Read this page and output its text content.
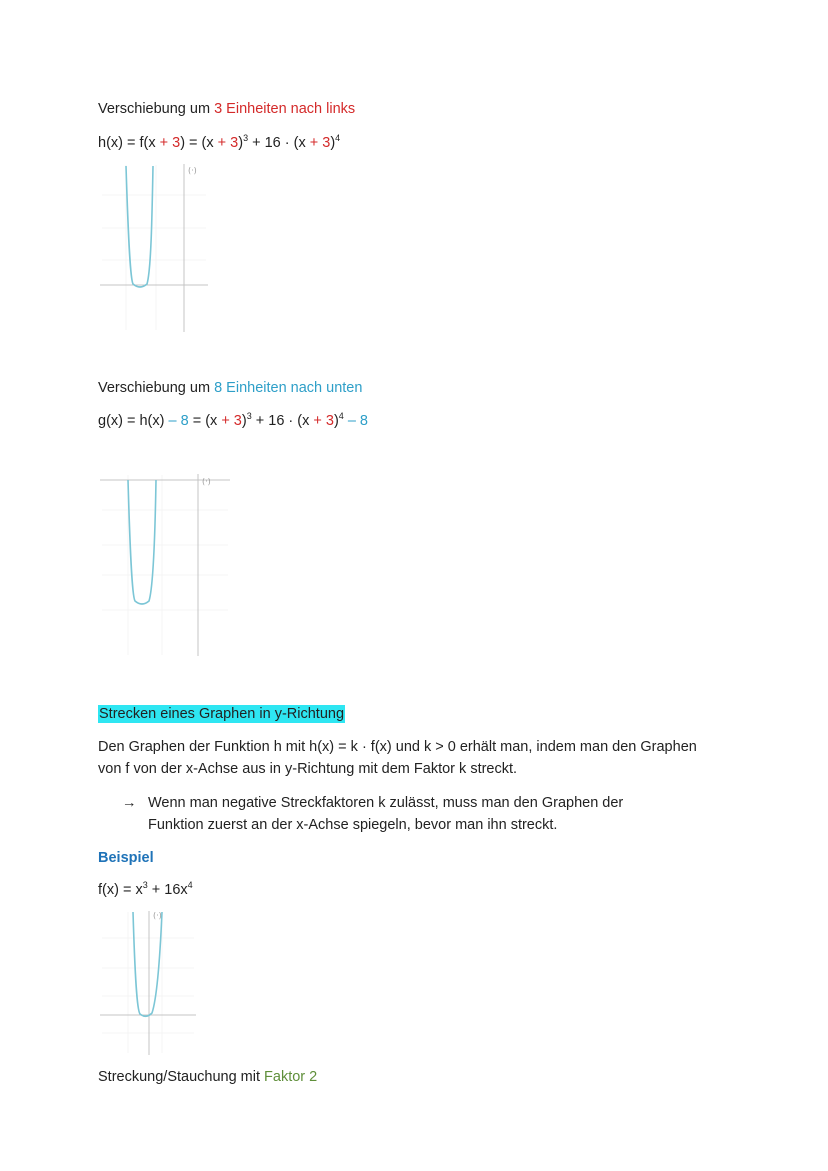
Verschiebung um 3 Einheiten nach links
$h(x) = f(x + 3) = (x + 3)^3 + 16 \cdot (x + 3)^4$
(·)
Verschiebung um 8 Einheiten nach unten
$g(x) = h(x) - 8 = (x + 3)^3 + 16 \cdot (x + 3)^4 - 8$
(·)
Strecken eines Graphen in y-Richtung
Den Graphen der Funktion h mit h(x) = k · f(x) und k > 0 erhält man, indem man den Graphen von f von der x-Achse aus in y-Richtung mit dem Faktor k streckt.
→ Wenn man negative Streckfaktoren k zulässt, muss man den Graphen der Funktion zuerst an der x-Achse spiegeln, bevor man ihn streckt.
Beispiel
$f(x) = x^3 + 16x^4$
(·)
Streckung/Stauchung mit Faktor 2
